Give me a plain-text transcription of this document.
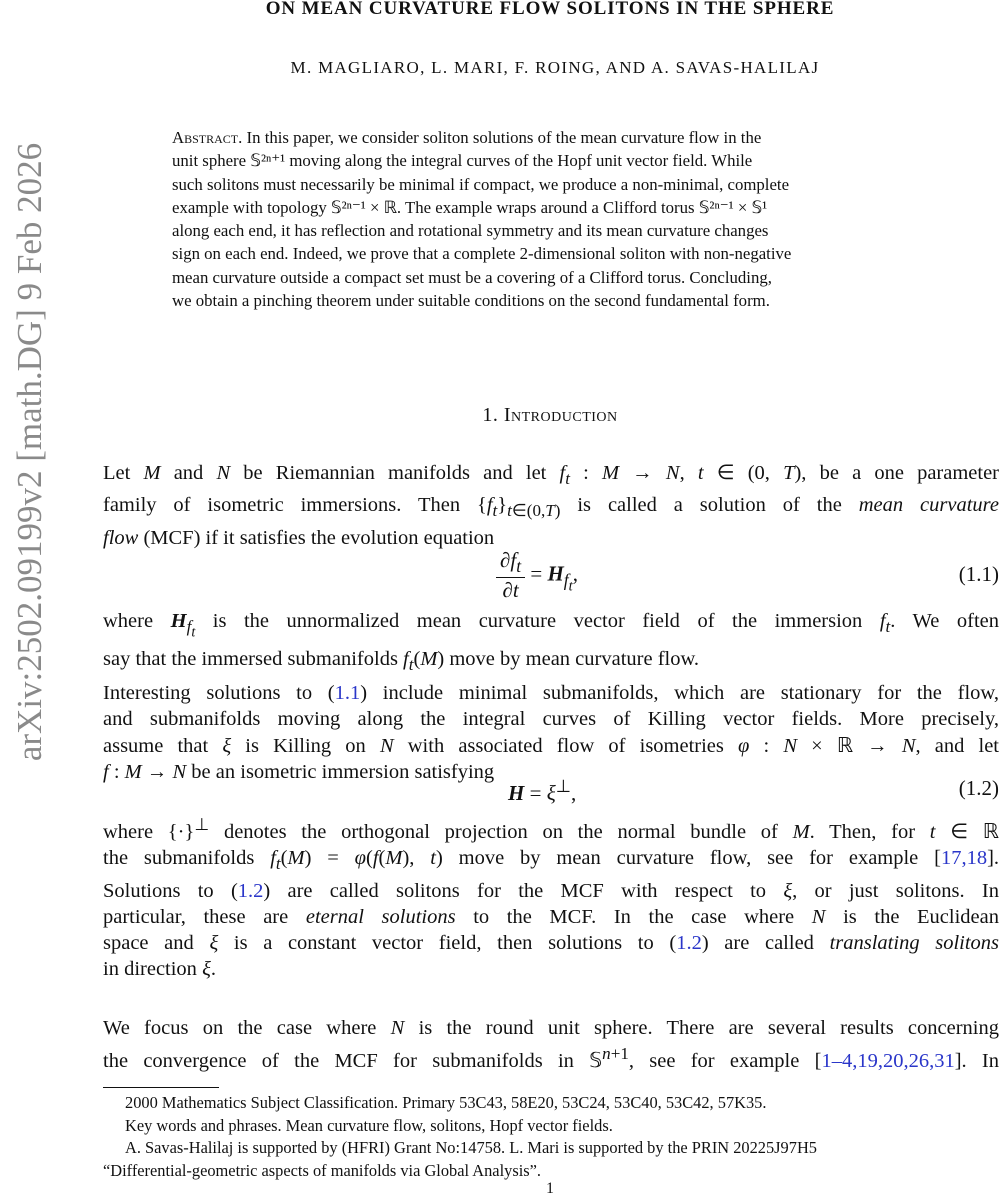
arXiv:2502.09199v2 [math.DG] 9 Feb 2026
ON MEAN CURVATURE FLOW SOLITONS IN THE SPHERE
M. MAGLIARO, L. MARI, F. ROING, AND A. SAVAS-HALILAJ
Abstract. In this paper, we consider soliton solutions of the mean curvature flow in the
unit sphere 𝕊²ⁿ⁺¹ moving along the integral curves of the Hopf unit vector field. While
such solitons must necessarily be minimal if compact, we produce a non-minimal, complete
example with topology 𝕊²ⁿ⁻¹ × ℝ. The example wraps around a Clifford torus 𝕊²ⁿ⁻¹ × 𝕊¹
along each end, it has reflection and rotational symmetry and its mean curvature changes
sign on each end. Indeed, we prove that a complete 2-dimensional soliton with non-negative
mean curvature outside a compact set must be a covering of a Clifford torus. Concluding,
we obtain a pinching theorem under suitable conditions on the second fundamental form.
1. Introduction
Let M and N be Riemannian manifolds and let $f_t$ : M → N, t ∈ (0, T), be a one parameter
family of isometric immersions. Then $\{f_t\}_{t\in(0,T)}$ is called a solution of the mean curvature
flow (MCF) if it satisfies the evolution equation
$\frac{\partial f_t}{\partial t} = H_{f_t}$,	(1.1)
where $H_{f_t}$ is the unnormalized mean curvature vector field of the immersion $f_t$. We often
say that the immersed submanifolds $f_t(M)$ move by mean curvature flow.
Interesting solutions to (1.1) include minimal submanifolds, which are stationary for the flow,
and submanifolds moving along the integral curves of Killing vector fields. More precisely,
assume that ξ is Killing on N with associated flow of isometries φ : N × ℝ → N, and let
f : M → N be an isometric immersion satisfying
H = ξ⊥,	(1.2)
where {·}⊥ denotes the orthogonal projection on the normal bundle of M. Then, for t ∈ ℝ
the submanifolds $f_t(M) = \varphi(f(M)$, t) move by mean curvature flow, see for example [17,18].
Solutions to (1.2) are called solitons for the MCF with respect to ξ, or just solitons. In
particular, these are eternal solutions to the MCF. In the case where N is the Euclidean
space and ξ is a constant vector field, then solutions to (1.2) are called translating solitons
in direction ξ.
We focus on the case where N is the round unit sphere. There are several results concerning
the convergence of the MCF for submanifolds in 𝕊$^{n+1}$, see for example [1–4,19,20,26,31]. In
2000 Mathematics Subject Classification. Primary 53C43, 58E20, 53C24, 53C40, 53C42, 57K35.
Key words and phrases. Mean curvature flow, solitons, Hopf vector fields.
A. Savas-Halilaj is supported by (HFRI) Grant No:14758. L. Mari is supported by the PRIN 20225J97H5
“Differential-geometric aspects of manifolds via Global Analysis”.
1
